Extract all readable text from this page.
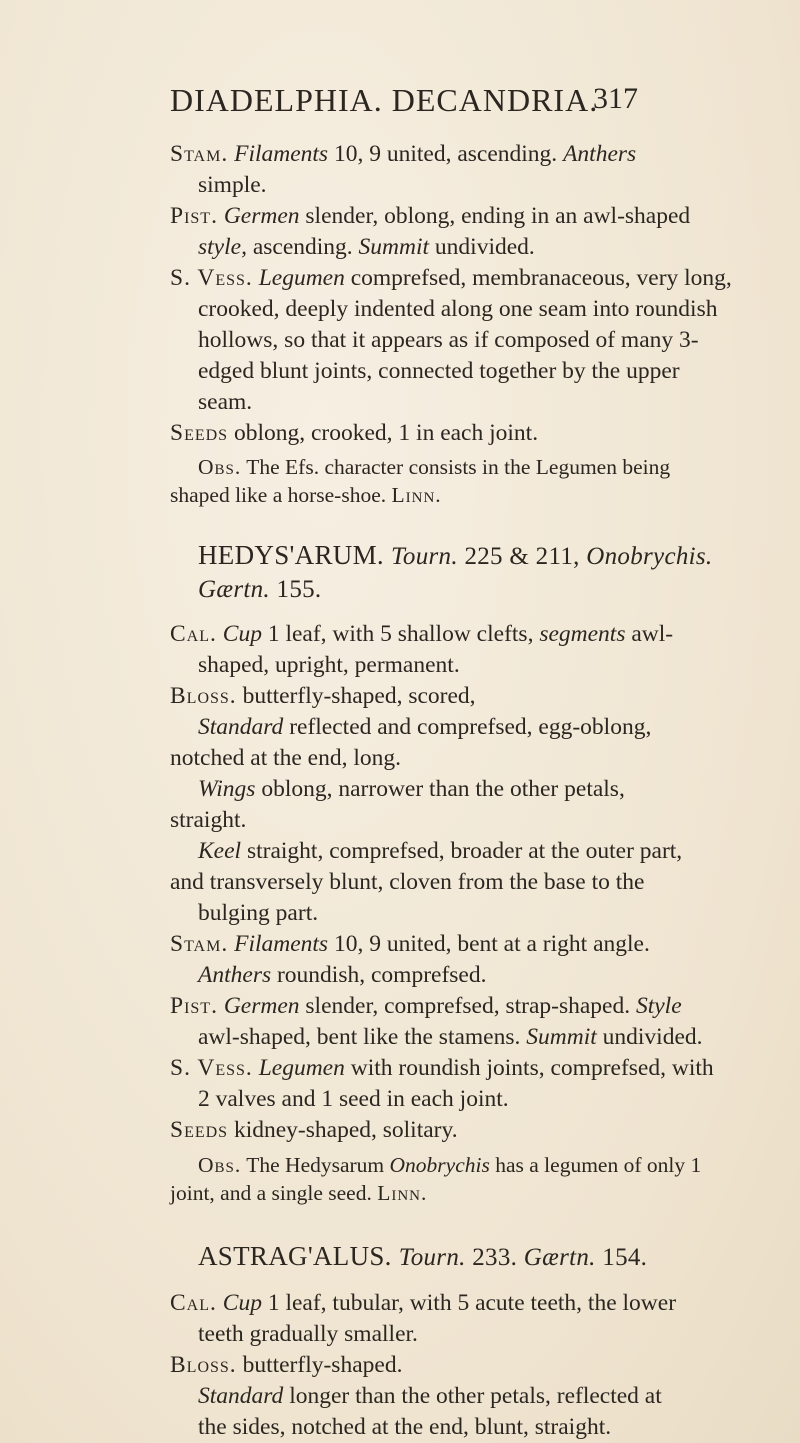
DIADELPHIA. DECANDRIA.
317
Stam. Filaments 10, 9 united, ascending. Anthers
simple.
Pist. Germen slender, oblong, ending in an awl-shaped
style, ascending. Summit undivided.
S. Vess. Legumen comprefsed, membranaceous, very long,
crooked, deeply indented along one seam into roundish
hollows, so that it appears as if composed of many 3-
edged blunt joints, connected together by the upper
seam.
Seeds oblong, crooked, 1 in each joint.
Obs. The Efs. character consists in the Legumen being
shaped like a horse-shoe. Linn.
HEDYS'ARUM. Tourn. 225 & 211, Onobrychis.
Gærtn. 155.
Cal. Cup 1 leaf, with 5 shallow clefts, segments awl-
shaped, upright, permanent.
Bloss. butterfly-shaped, scored,
Standard reflected and comprefsed, egg-oblong,
notched at the end, long.
Wings oblong, narrower than the other petals,
straight.
Keel straight, comprefsed, broader at the outer part,
and transversely blunt, cloven from the base to the
bulging part.
Stam. Filaments 10, 9 united, bent at a right angle.
Anthers roundish, comprefsed.
Pist. Germen slender, comprefsed, strap-shaped. Style
awl-shaped, bent like the stamens. Summit undivided.
S. Vess. Legumen with roundish joints, comprefsed, with
2 valves and 1 seed in each joint.
Seeds kidney-shaped, solitary.
Obs. The Hedysarum Onobrychis has a legumen of only 1
joint, and a single seed. Linn.
ASTRAG'ALUS. Tourn. 233. Gærtn. 154.
Cal. Cup 1 leaf, tubular, with 5 acute teeth, the lower
teeth gradually smaller.
Bloss. butterfly-shaped.
Standard longer than the other petals, reflected at
the sides, notched at the end, blunt, straight.
